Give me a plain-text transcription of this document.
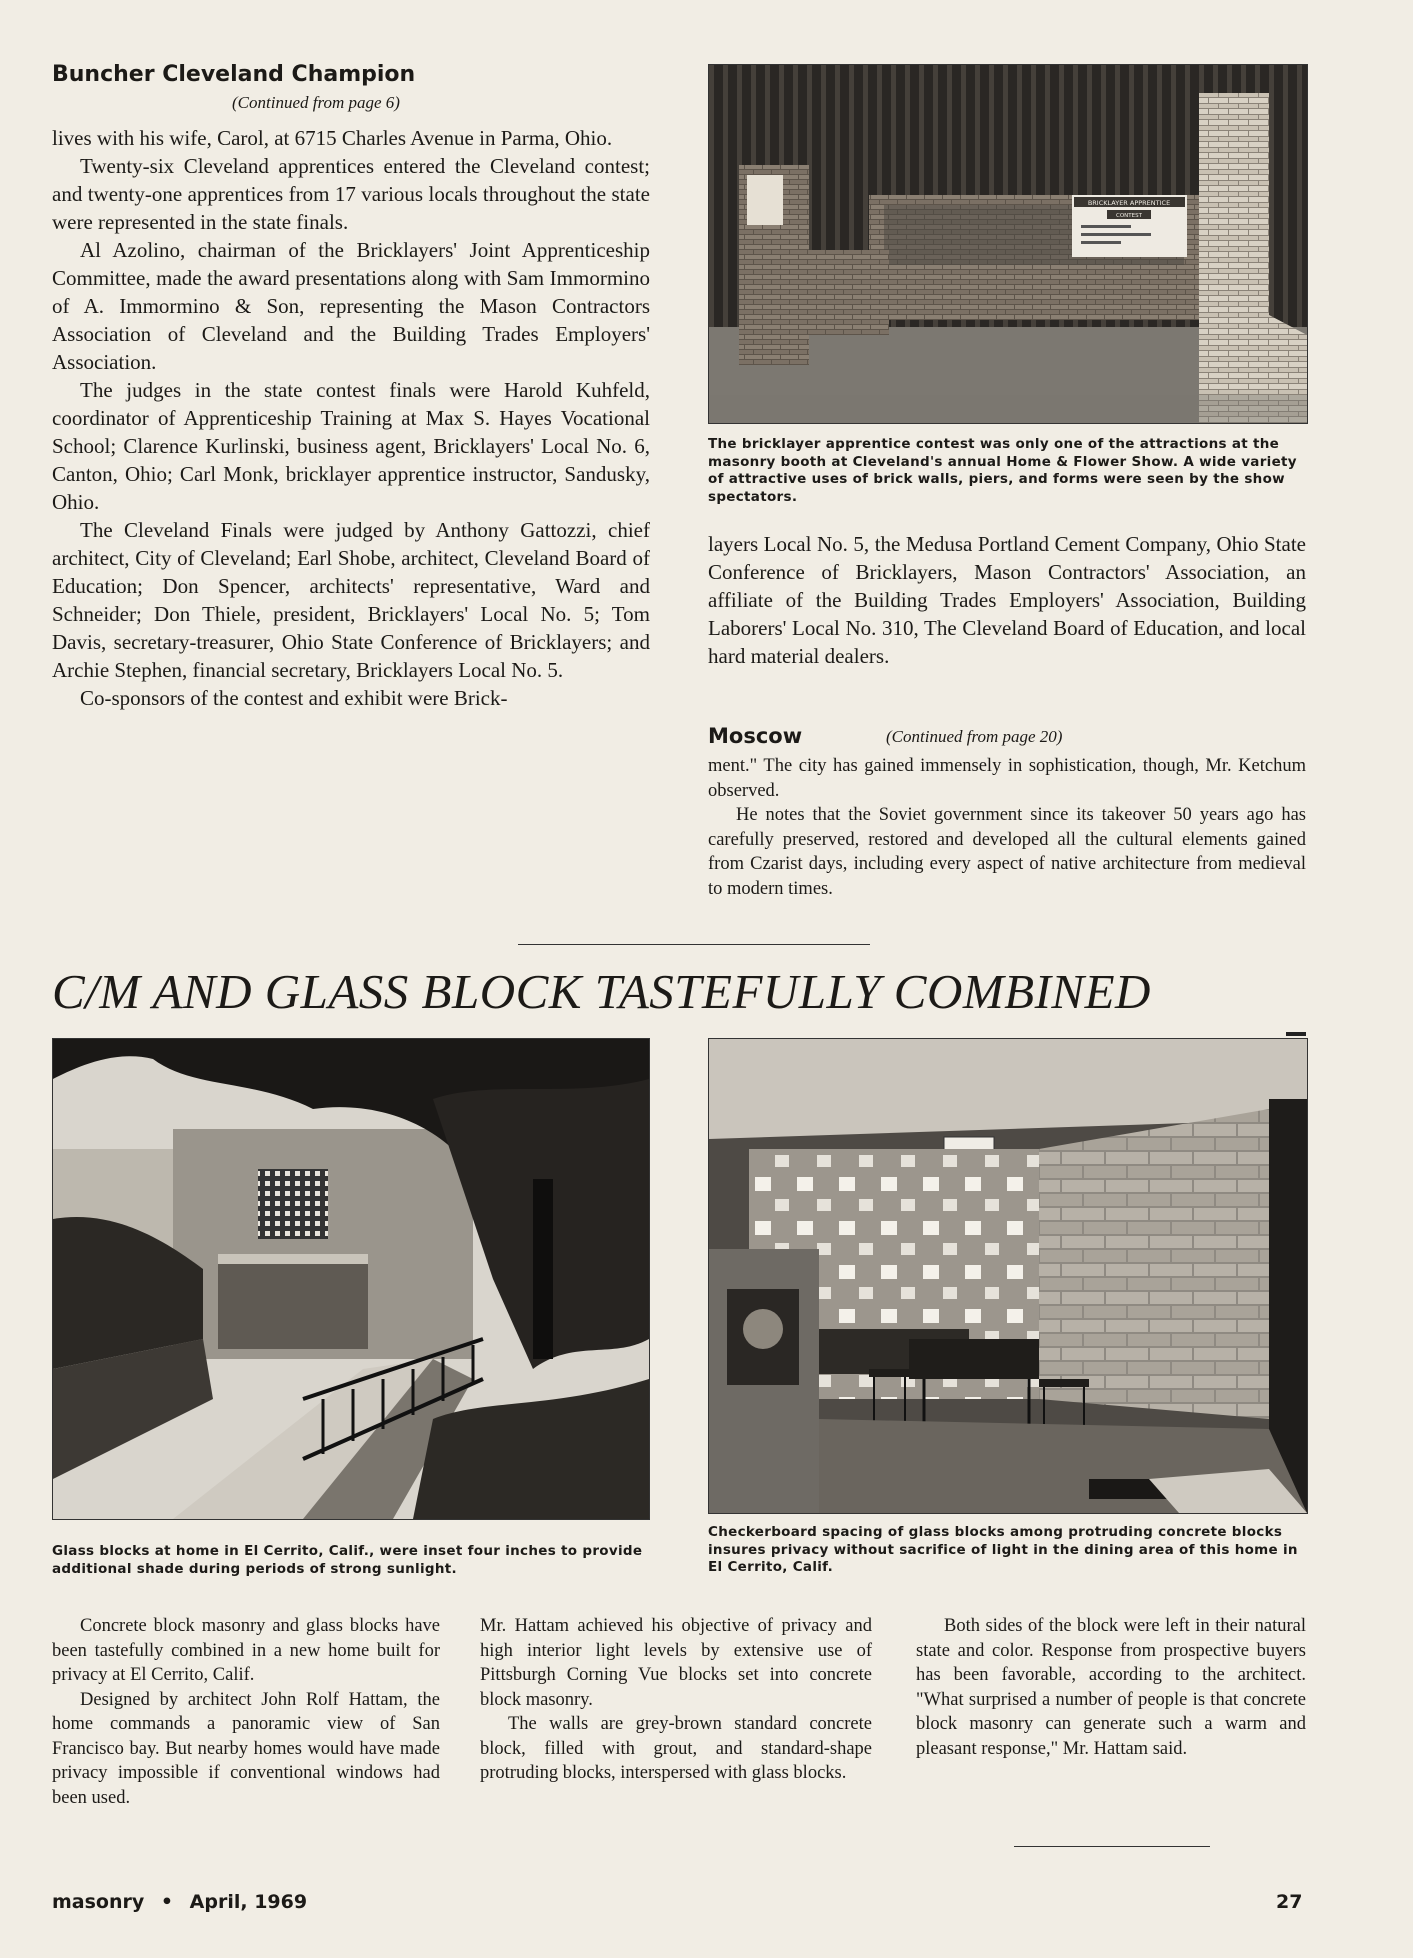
Buncher Cleveland Champion
(Continued from page 6)

lives with his wife, Carol, at 6715 Charles Avenue in Parma, Ohio.

Twenty-six Cleveland apprentices entered the Cleveland contest; and twenty-one apprentices from 17 various locals throughout the state were represented in the state finals.

Al Azolino, chairman of the Bricklayers' Joint Apprenticeship Committee, made the award presentations along with Sam Immormino of A. Immormino & Son, representing the Mason Contractors Association of Cleveland and the Building Trades Employers' Association.

The judges in the state contest finals were Harold Kuhfeld, coordinator of Apprenticeship Training at Max S. Hayes Vocational School; Clarence Kurlinski, business agent, Bricklayers' Local No. 6, Canton, Ohio; Carl Monk, bricklayer apprentice instructor, Sandusky, Ohio.

The Cleveland Finals were judged by Anthony Gattozzi, chief architect, City of Cleveland; Earl Shobe, architect, Cleveland Board of Education; Don Spencer, architects' representative, Ward and Schneider; Don Thiele, president, Bricklayers' Local No. 5; Tom Davis, secretary-treasurer, Ohio State Conference of Bricklayers; and Archie Stephen, financial secretary, Bricklayers Local No. 5.

Co-sponsors of the contest and exhibit were Brick-

BRICKLAYER APPRENTICE
CONTEST
The bricklayer apprentice contest was only one of the attractions at the masonry booth at Cleveland's annual Home & Flower Show. A wide variety of attractive uses of brick walls, piers, and forms were seen by the show spectators.

layers Local No. 5, the Medusa Portland Cement Company, Ohio State Conference of Bricklayers, Mason Contractors' Association, an affiliate of the Building Trades Employers' Association, Building Laborers' Local No. 310, The Cleveland Board of Education, and local hard material dealers.

Moscow	(Continued from page 20)

ment." The city has gained immensely in sophistication, though, Mr. Ketchum observed.

He notes that the Soviet government since its takeover 50 years ago has carefully preserved, restored and developed all the cultural elements gained from Czarist days, including every aspect of native architecture from medieval to modern times.

C/M AND GLASS BLOCK TASTEFULLY COMBINED
Glass blocks at home in El Cerrito, Calif., were inset four inches to provide additional shade during periods of strong sunlight.
Checkerboard spacing of glass blocks among protruding concrete blocks insures privacy without sacrifice of light in the dining area of this home in El Cerrito, Calif.

Concrete block masonry and glass blocks have been tastefully combined in a new home built for privacy at El Cerrito, Calif.

Designed by architect John Rolf Hattam, the home commands a panoramic view of San Francisco bay. But nearby homes would have made privacy impossible if conventional windows had been used.

Mr. Hattam achieved his objective of privacy and high interior light levels by extensive use of Pittsburgh Corning Vue blocks set into concrete block masonry.

The walls are grey-brown standard concrete block, filled with grout, and standard-shape protruding blocks, interspersed with glass blocks.

Both sides of the block were left in their natural state and color. Response from prospective buyers has been favorable, according to the architect. "What surprised a number of people is that concrete block masonry can generate such a warm and pleasant response," Mr. Hattam said.

masonry • April, 1969	27
